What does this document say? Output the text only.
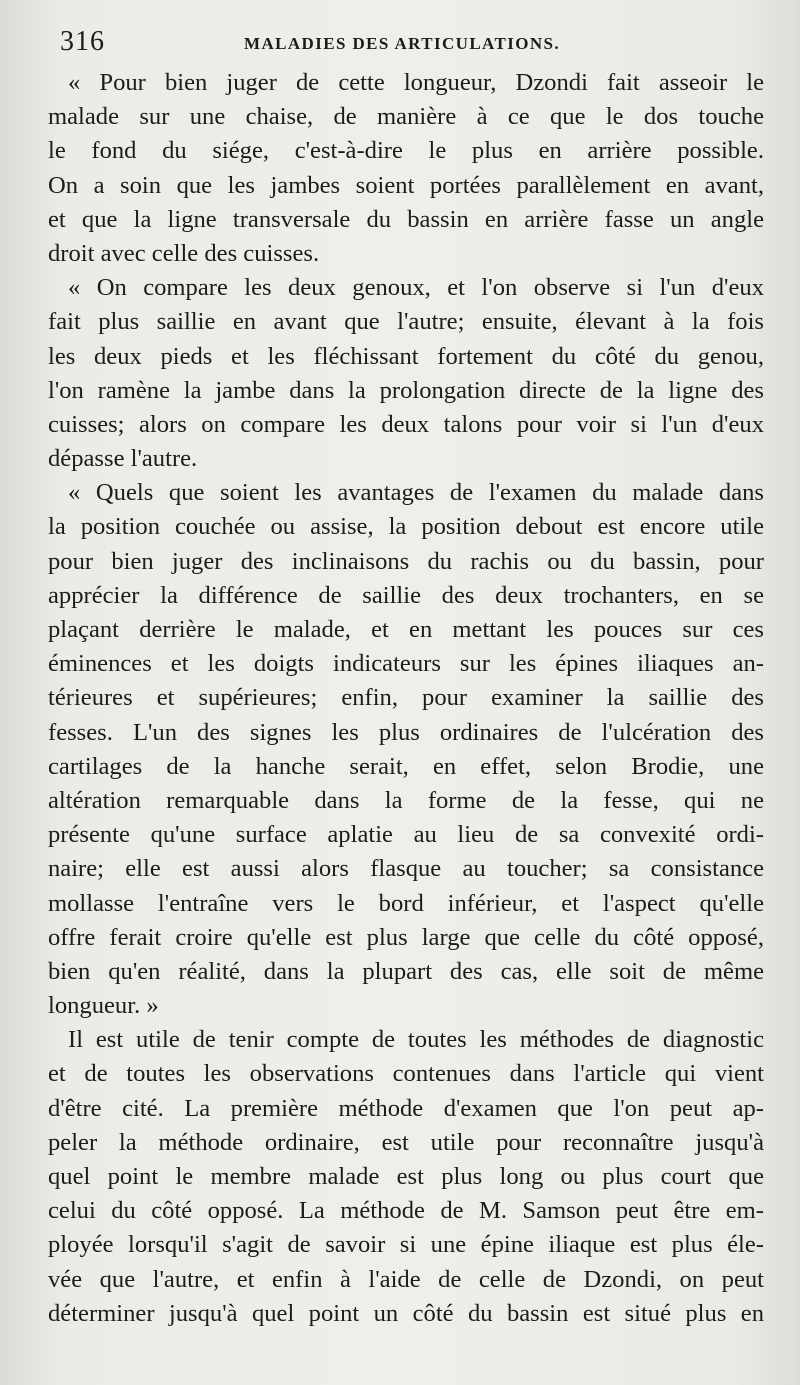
316	MALADIES DES ARTICULATIONS.
« Pour bien juger de cette longueur, Dzondi fait asseoir le
malade sur une chaise, de manière à ce que le dos touche
le fond du siége, c'est-à-dire le plus en arrière possible.
On a soin que les jambes soient portées parallèlement en avant,
et que la ligne transversale du bassin en arrière fasse un angle
droit avec celle des cuisses.
« On compare les deux genoux, et l'on observe si l'un d'eux
fait plus saillie en avant que l'autre; ensuite, élevant à la fois
les deux pieds et les fléchissant fortement du côté du genou,
l'on ramène la jambe dans la prolongation directe de la ligne des
cuisses; alors on compare les deux talons pour voir si l'un d'eux
dépasse l'autre.
« Quels que soient les avantages de l'examen du malade dans
la position couchée ou assise, la position debout est encore utile
pour bien juger des inclinaisons du rachis ou du bassin, pour
apprécier la différence de saillie des deux trochanters, en se
plaçant derrière le malade, et en mettant les pouces sur ces
éminences et les doigts indicateurs sur les épines iliaques an-
térieures et supérieures; enfin, pour examiner la saillie des
fesses. L'un des signes les plus ordinaires de l'ulcération des
cartilages de la hanche serait, en effet, selon Brodie, une
altération remarquable dans la forme de la fesse, qui ne
présente qu'une surface aplatie au lieu de sa convexité ordi-
naire; elle est aussi alors flasque au toucher; sa consistance
mollasse l'entraîne vers le bord inférieur, et l'aspect qu'elle
offre ferait croire qu'elle est plus large que celle du côté opposé,
bien qu'en réalité, dans la plupart des cas, elle soit de même
longueur. »
Il est utile de tenir compte de toutes les méthodes de diagnostic
et de toutes les observations contenues dans l'article qui vient
d'être cité. La première méthode d'examen que l'on peut ap-
peler la méthode ordinaire, est utile pour reconnaître jusqu'à
quel point le membre malade est plus long ou plus court que
celui du côté opposé. La méthode de M. Samson peut être em-
ployée lorsqu'il s'agit de savoir si une épine iliaque est plus éle-
vée que l'autre, et enfin à l'aide de celle de Dzondi, on peut
déterminer jusqu'à quel point un côté du bassin est situé plus en
